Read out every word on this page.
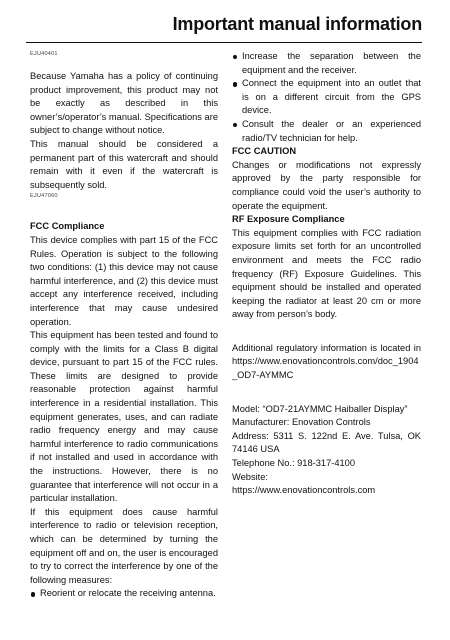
Important manual information

EJU40401

Because Yamaha has a policy of continuing product improvement, this product may not be exactly as described in this owner’s/operator’s manual. Specifications are subject to change without notice.

This manual should be considered a permanent part of this watercraft and should remain with it even if the watercraft is subsequently sold.

EJU47060

FCC Compliance

This device complies with part 15 of the FCC Rules. Operation is subject to the following two conditions: (1) this device may not cause harmful interference, and (2) this device must accept any interference received, including interference that may cause undesired operation.

This equipment has been tested and found to comply with the limits for a Class B digital device, pursuant to part 15 of the FCC rules. These limits are designed to provide reasonable protection against harmful interference in a residential installation. This equipment generates, uses, and can radiate radio frequency energy and may cause harmful interference to radio communications if not installed and used in accordance with the instructions. However, there is no guarantee that interference will not occur in a particular installation.

If this equipment does cause harmful interference to radio or television reception, which can be determined by turning the equipment off and on, the user is encouraged to try to correct the interference by one of the following measures:

Reorient or relocate the receiving antenna.
Increase the separation between the equipment and the receiver.
Connect the equipment into an outlet that is on a different circuit from the GPS device.
Consult the dealer or an experienced radio/TV technician for help.

FCC CAUTION

Changes or modifications not expressly approved by the party responsible for compliance could void the user’s authority to operate the equipment.

RF Exposure Compliance

This equipment complies with FCC radiation exposure limits set forth for an uncontrolled environment and meets the FCC radio frequency (RF) Exposure Guidelines. This equipment should be installed and operated keeping the radiator at least 20 cm or more away from person’s body.

Additional regulatory information is located in https://www.enovationcontrols.com/doc_1904_OD7-AYMMC

Model: “OD7-21AYMMC Haiballer Display”

Manufacturer: Enovation Controls

Address: 5311 S. 122nd E. Ave. Tulsa, OK 74146 USA

Telephone No.: 918-317-4100

Website:

https://www.enovationcontrols.com
